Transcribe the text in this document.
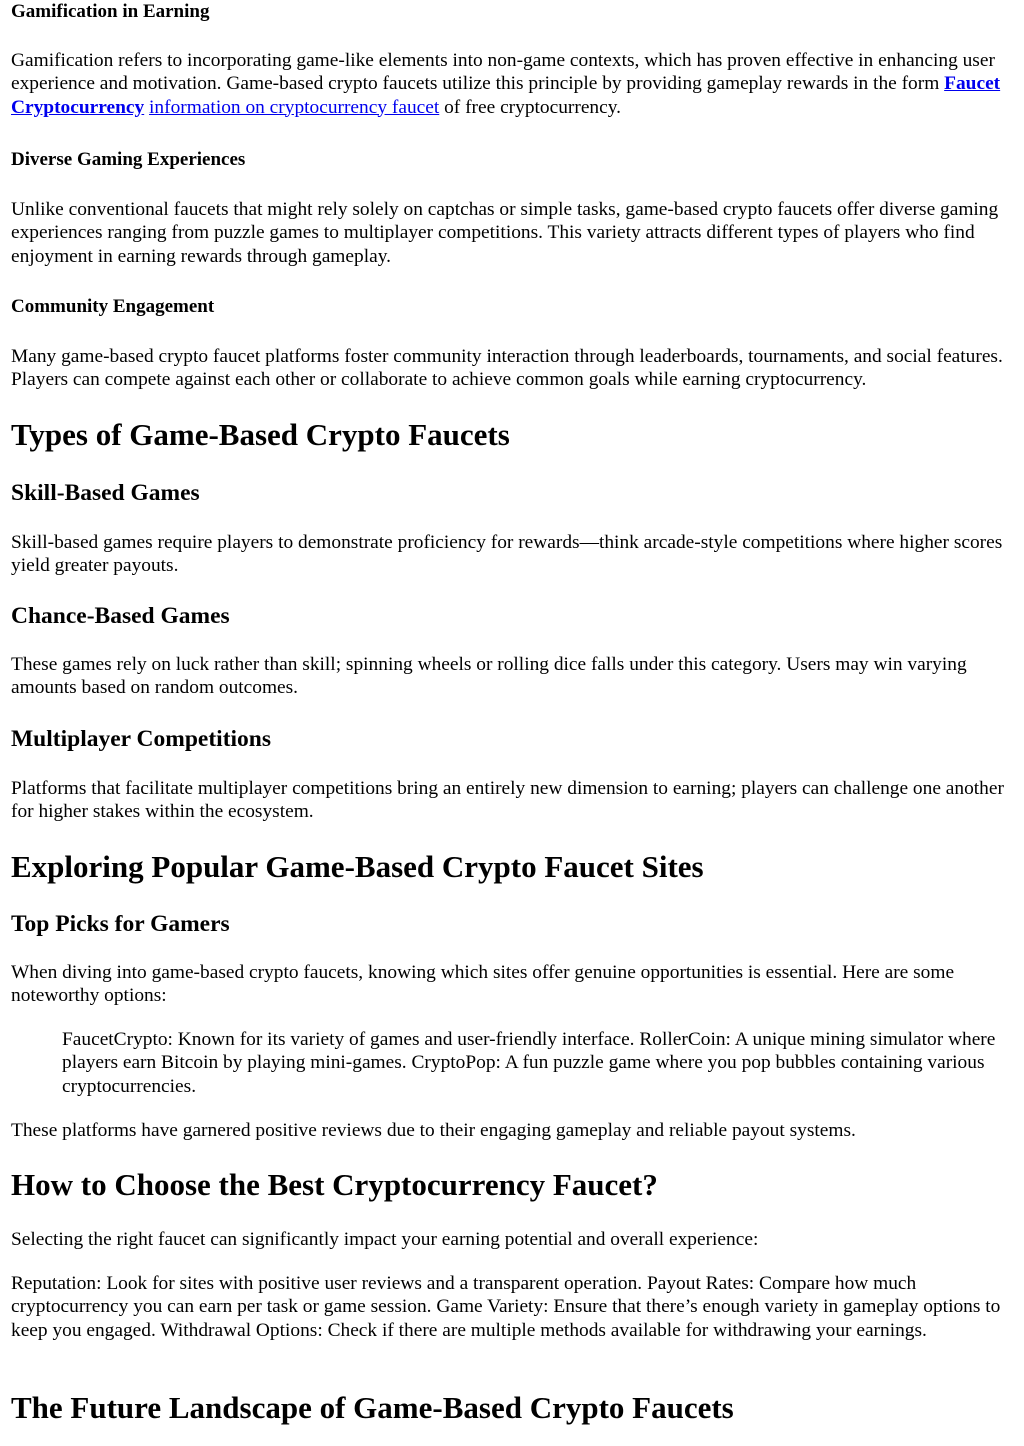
Gamification in Earning

Gamification refers to incorporating game-like elements into non-game contexts, which has proven effective in enhancing user experience and motivation. Game-based crypto faucets utilize this principle by providing gameplay rewards in the form Faucet Cryptocurrency information on cryptocurrency faucet of free cryptocurrency.

Diverse Gaming Experiences

Unlike conventional faucets that might rely solely on captchas or simple tasks, game-based crypto faucets offer diverse gaming experiences ranging from puzzle games to multiplayer competitions. This variety attracts different types of players who find enjoyment in earning rewards through gameplay.

Community Engagement

Many game-based crypto faucet platforms foster community interaction through leaderboards, tournaments, and social features. Players can compete against each other or collaborate to achieve common goals while earning cryptocurrency.

Types of Game-Based Crypto Faucets
Skill-Based Games

Skill-based games require players to demonstrate proficiency for rewards—think arcade-style competitions where higher scores yield greater payouts.

Chance-Based Games

These games rely on luck rather than skill; spinning wheels or rolling dice falls under this category. Users may win varying amounts based on random outcomes.

Multiplayer Competitions

Platforms that facilitate multiplayer competitions bring an entirely new dimension to earning; players can challenge one another for higher stakes within the ecosystem.

Exploring Popular Game-Based Crypto Faucet Sites
Top Picks for Gamers

When diving into game-based crypto faucets, knowing which sites offer genuine opportunities is essential. Here are some noteworthy options:

FaucetCrypto: Known for its variety of games and user-friendly interface. RollerCoin: A unique mining simulator where players earn Bitcoin by playing mini-games. CryptoPop: A fun puzzle game where you pop bubbles containing various cryptocurrencies.

These platforms have garnered positive reviews due to their engaging gameplay and reliable payout systems.

How to Choose the Best Cryptocurrency Faucet?

Selecting the right faucet can significantly impact your earning potential and overall experience:

Reputation: Look for sites with positive user reviews and a transparent operation. Payout Rates: Compare how much cryptocurrency you can earn per task or game session. Game Variety: Ensure that there’s enough variety in gameplay options to keep you engaged. Withdrawal Options: Check if there are multiple methods available for withdrawing your earnings.

The Future Landscape of Game-Based Crypto Faucets
